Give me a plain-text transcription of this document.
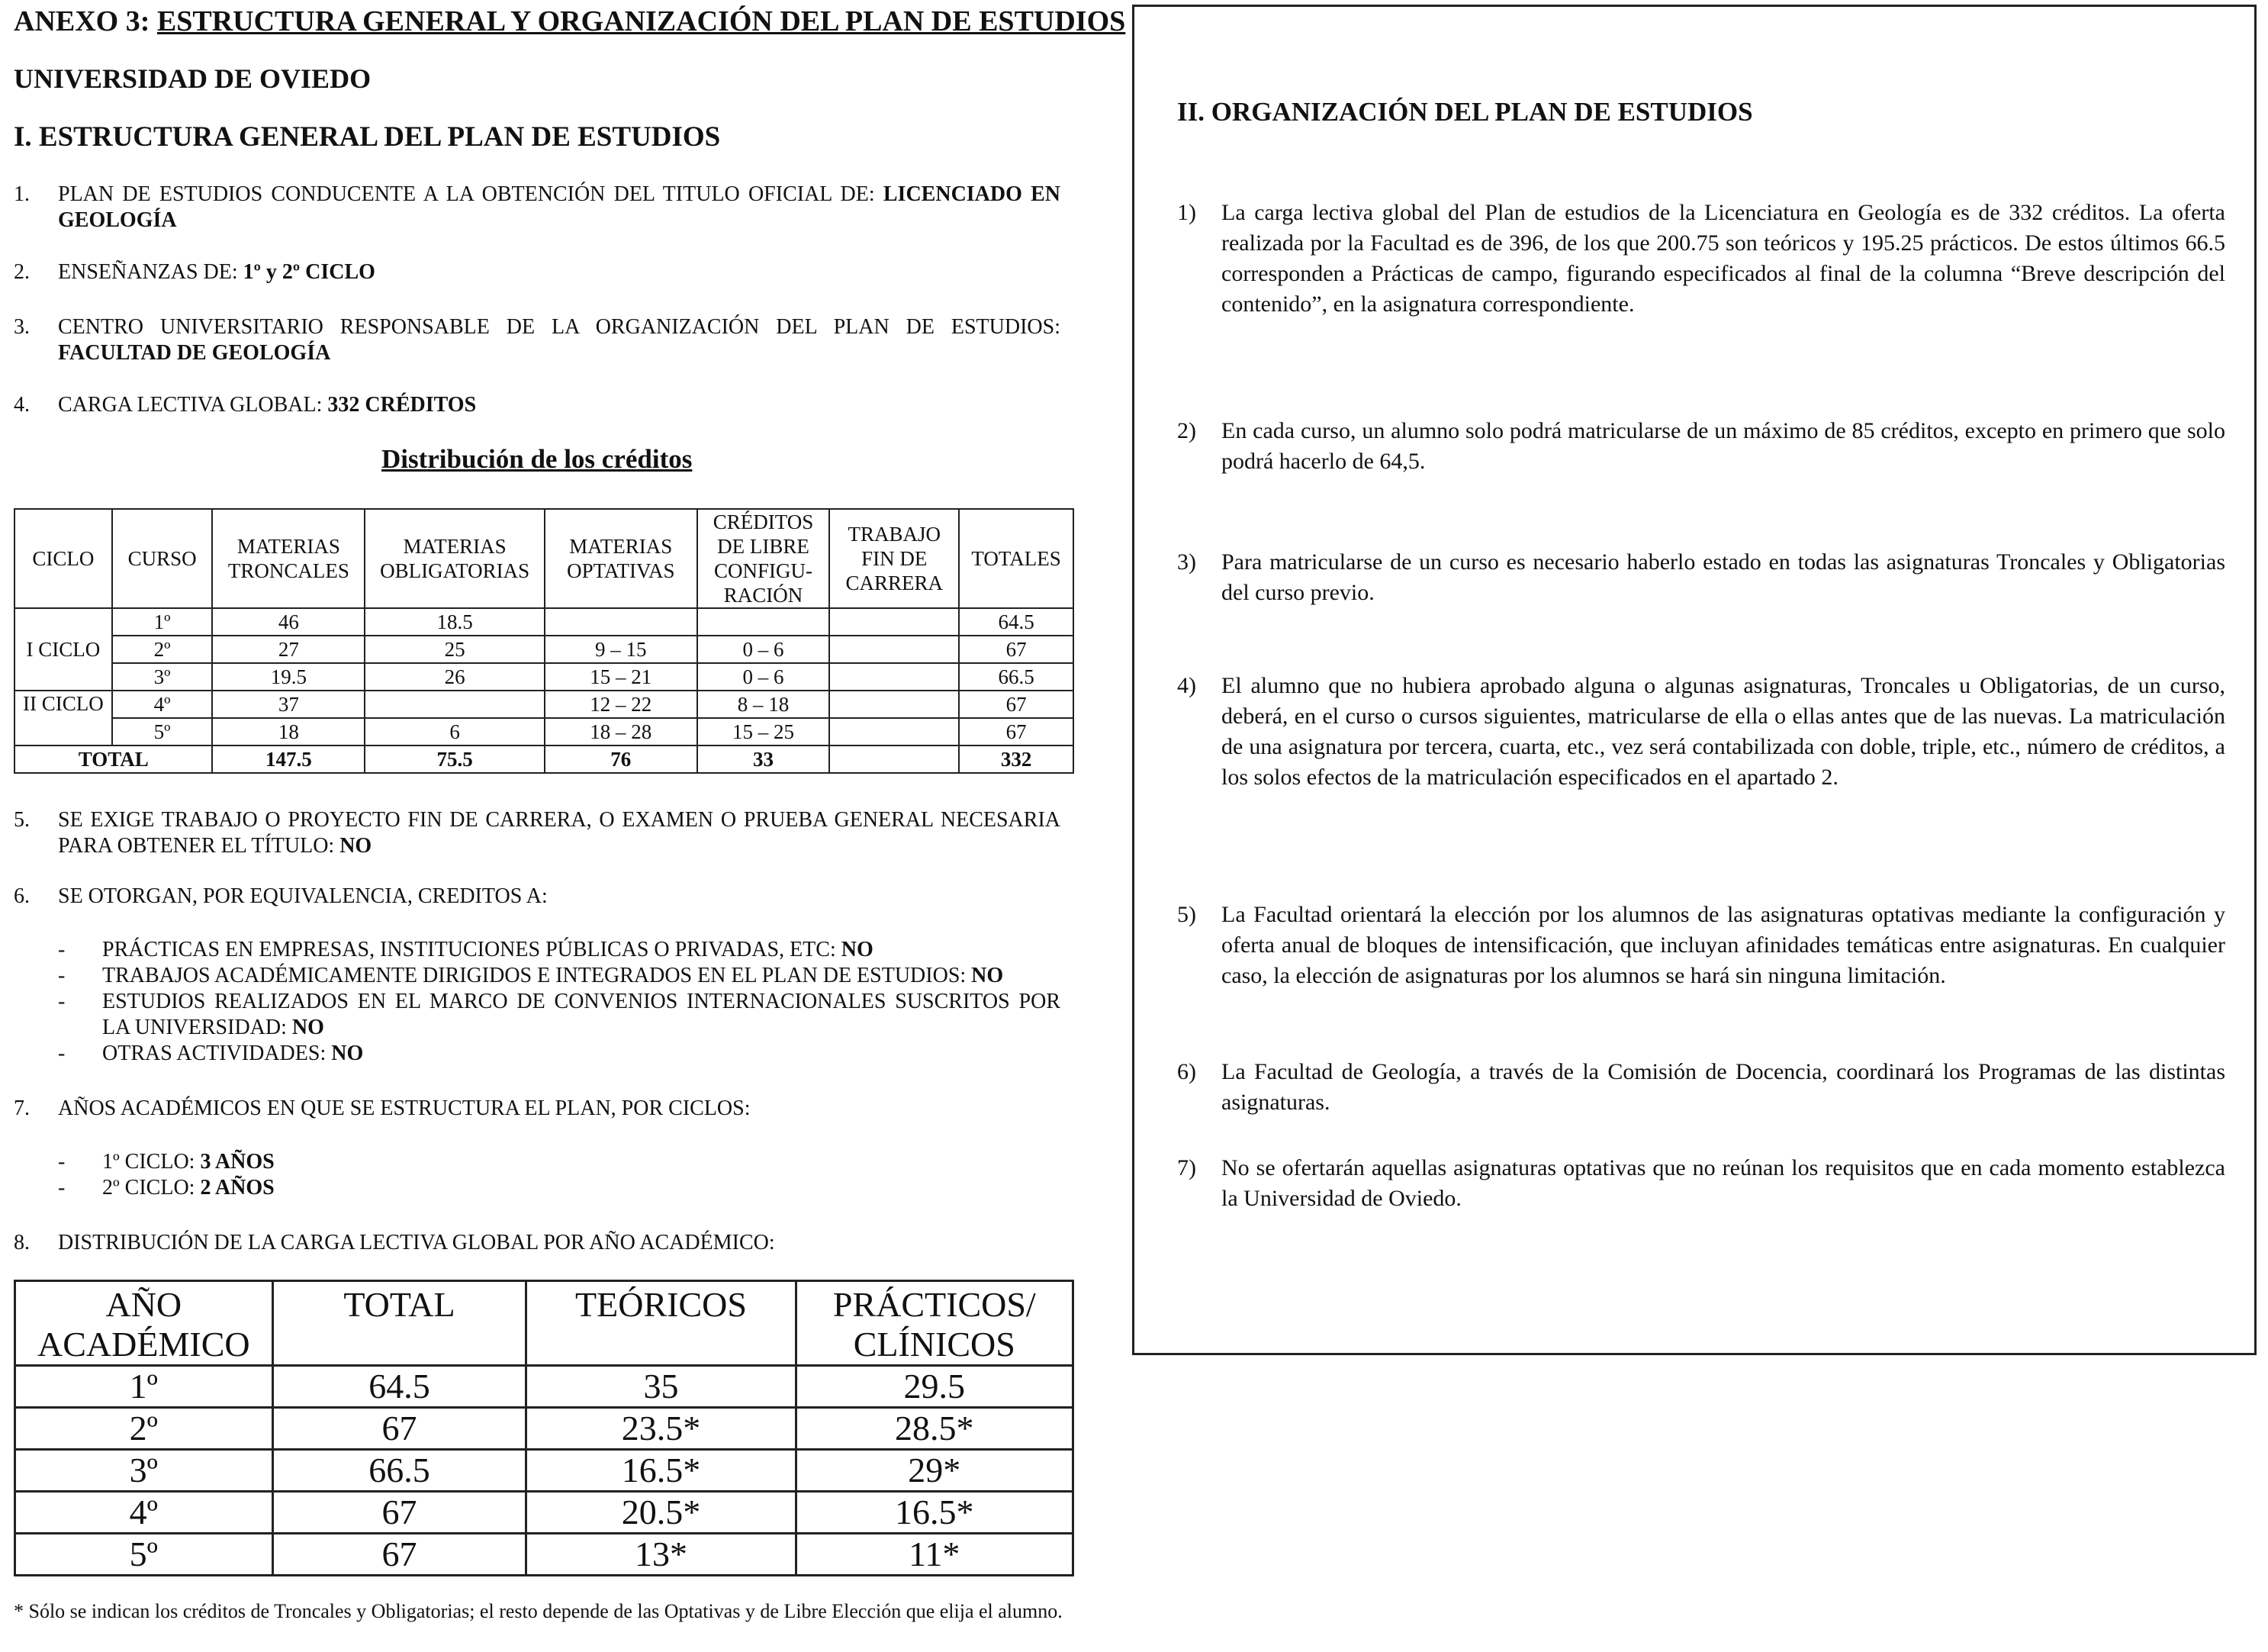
ANEXO 3: ESTRUCTURA GENERAL Y ORGANIZACIÓN DEL PLAN DE ESTUDIOS
UNIVERSIDAD DE OVIEDO
I. ESTRUCTURA GENERAL DEL PLAN DE ESTUDIOS
1. PLAN DE ESTUDIOS CONDUCENTE A LA OBTENCIÓN DEL TITULO OFICIAL DE: LICENCIADO EN GEOLOGÍA
2. ENSEÑANZAS DE: 1º y 2º CICLO
3. CENTRO UNIVERSITARIO RESPONSABLE DE LA ORGANIZACIÓN DEL PLAN DE ESTUDIOS: FACULTAD DE GEOLOGÍA
4. CARGA LECTIVA GLOBAL: 332 CRÉDITOS
Distribución de los créditos
CICLO	CURSO	MATERIAS TRONCALES	MATERIAS OBLIGATORIAS	MATERIAS OPTATIVAS	CRÉDITOS DE LIBRE CONFIGU-RACIÓN	TRABAJO FIN DE CARRERA	TOTALES
I CICLO	1º	46	18.5				64.5
	2º	27	25	9 – 15	0 – 6		67
	3º	19.5	26	15 – 21	0 – 6		66.5
II CICLO	4º	37		12 – 22	8 – 18		67
	5º	18	6	18 – 28	15 – 25		67
TOTAL		147.5	75.5	76	33		332
5. SE EXIGE TRABAJO O PROYECTO FIN DE CARRERA, O EXAMEN O PRUEBA GENERAL NECESARIA PARA OBTENER EL TÍTULO: NO
6. SE OTORGAN, POR EQUIVALENCIA, CREDITOS A:
- PRÁCTICAS EN EMPRESAS, INSTITUCIONES PÚBLICAS O PRIVADAS, ETC: NO
- TRABAJOS ACADÉMICAMENTE DIRIGIDOS E INTEGRADOS EN EL PLAN DE ESTUDIOS: NO
- ESTUDIOS REALIZADOS EN EL MARCO DE CONVENIOS INTERNACIONALES SUSCRITOS POR LA UNIVERSIDAD: NO
- OTRAS ACTIVIDADES: NO
7. AÑOS ACADÉMICOS EN QUE SE ESTRUCTURA EL PLAN, POR CICLOS:
- 1º CICLO: 3 AÑOS
- 2º CICLO: 2 AÑOS
8. DISTRIBUCIÓN DE LA CARGA LECTIVA GLOBAL POR AÑO ACADÉMICO:
AÑO ACADÉMICO	TOTAL	TEÓRICOS	PRÁCTICOS/ CLÍNICOS
1º	64.5	35	29.5
2º	67	23.5*	28.5*
3º	66.5	16.5*	29*
4º	67	20.5*	16.5*
5º	67	13*	11*
* Sólo se indican los créditos de Troncales y Obligatorias; el resto depende de las Optativas y de Libre Elección que elija el alumno.
II. ORGANIZACIÓN DEL PLAN DE ESTUDIOS
1) La carga lectiva global del Plan de estudios de la Licenciatura en Geología es de 332 créditos. La oferta realizada por la Facultad es de 396, de los que 200.75 son teóricos y 195.25 prácticos. De estos últimos 66.5 corresponden a Prácticas de campo, figurando especificados al final de la columna “Breve descripción del contenido”, en la asignatura correspondiente.
2) En cada curso, un alumno solo podrá matricularse de un máximo de 85 créditos, excepto en primero que solo podrá hacerlo de 64,5.
3) Para matricularse de un curso es necesario haberlo estado en todas las asignaturas Troncales y Obligatorias del curso previo.
4) El alumno que no hubiera aprobado alguna o algunas asignaturas, Troncales u Obligatorias, de un curso, deberá, en el curso o cursos siguientes, matricularse de ella o ellas antes que de las nuevas. La matriculación de una asignatura por tercera, cuarta, etc., vez será contabilizada con doble, triple, etc., número de créditos, a los solos efectos de la matriculación especificados en el apartado 2.
5) La Facultad orientará la elección por los alumnos de las asignaturas optativas mediante la configuración y oferta anual de bloques de intensificación, que incluyan afinidades temáticas entre asignaturas. En cualquier caso, la elección de asignaturas por los alumnos se hará sin ninguna limitación.
6) La Facultad de Geología, a través de la Comisión de Docencia, coordinará los Programas de las distintas asignaturas.
7) No se ofertarán aquellas asignaturas optativas que no reúnan los requisitos que en cada momento establezca la Universidad de Oviedo.
